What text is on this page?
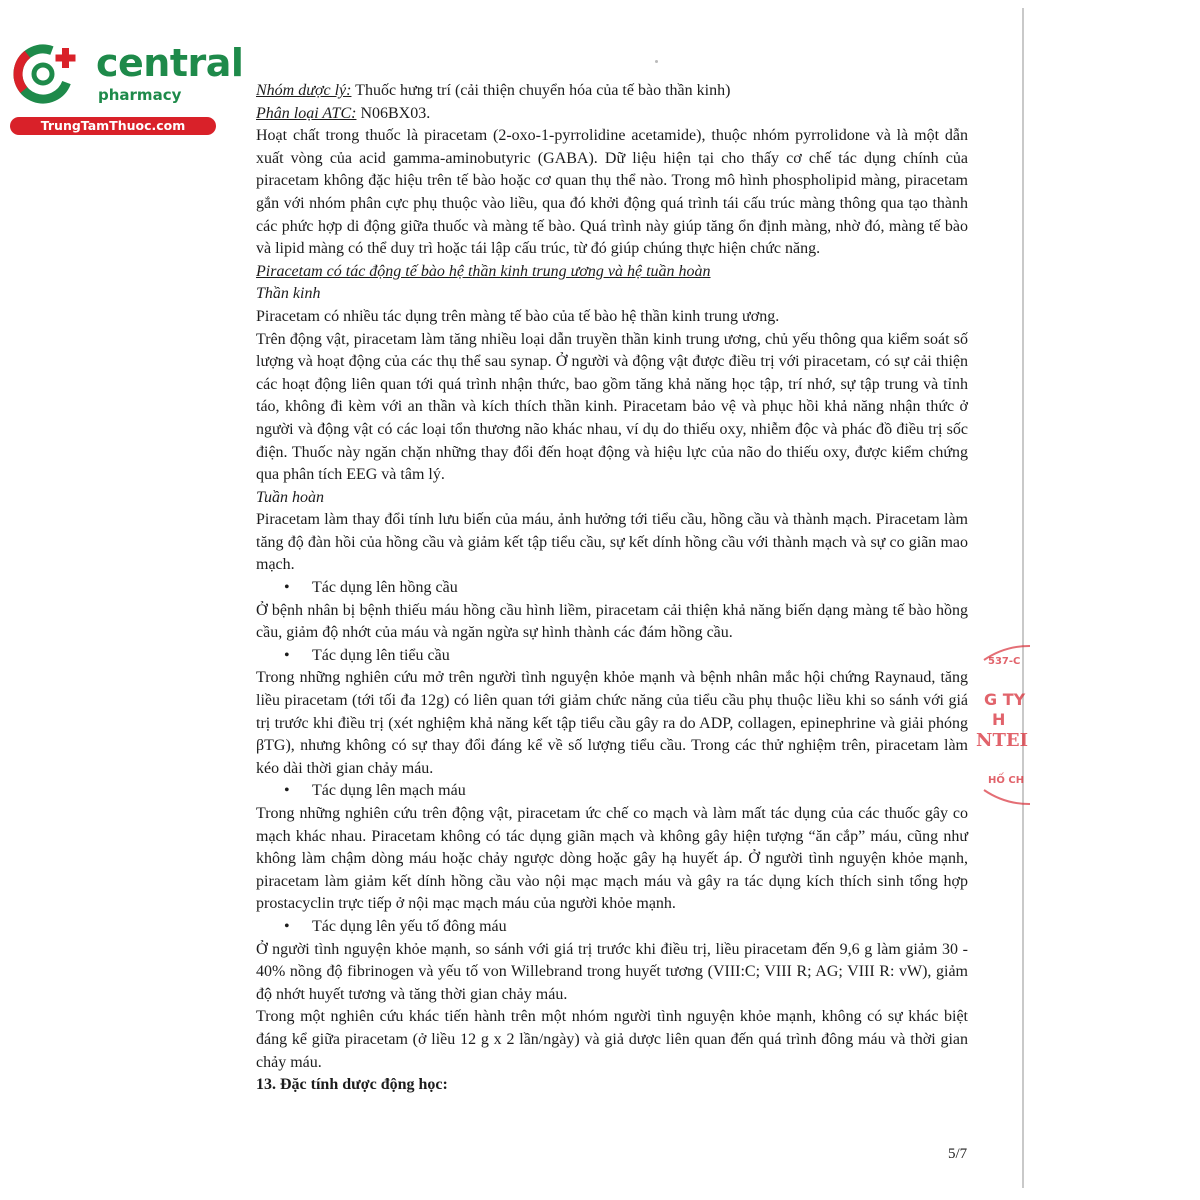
central
pharmacy
TrungTamThuoc.com

Nhóm dược lý: Thuốc hưng trí (cải thiện chuyển hóa của tế bào thần kinh)

Phân loại ATC: N06BX03.

Hoạt chất trong thuốc là piracetam (2-oxo-1-pyrrolidine acetamide), thuộc nhóm pyrrolidone và là một dẫn xuất vòng của acid gamma-aminobutyric (GABA). Dữ liệu hiện tại cho thấy cơ chế tác dụng chính của piracetam không đặc hiệu trên tế bào hoặc cơ quan thụ thể nào. Trong mô hình phospholipid màng, piracetam gắn với nhóm phân cực phụ thuộc vào liều, qua đó khởi động quá trình tái cấu trúc màng thông qua tạo thành các phức hợp di động giữa thuốc và màng tế bào. Quá trình này giúp tăng ổn định màng, nhờ đó, màng tế bào và lipid màng có thể duy trì hoặc tái lập cấu trúc, từ đó giúp chúng thực hiện chức năng.

Piracetam có tác động tế bào hệ thần kinh trung ương và hệ tuần hoàn

Thần kinh

Piracetam có nhiều tác dụng trên màng tế bào của tế bào hệ thần kinh trung ương.

Trên động vật, piracetam làm tăng nhiều loại dẫn truyền thần kinh trung ương, chủ yếu thông qua kiểm soát số lượng và hoạt động của các thụ thể sau synap. Ở người và động vật được điều trị với piracetam, có sự cải thiện các hoạt động liên quan tới quá trình nhận thức, bao gồm tăng khả năng học tập, trí nhớ, sự tập trung và tỉnh táo, không đi kèm với an thần và kích thích thần kinh. Piracetam bảo vệ và phục hồi khả năng nhận thức ở người và động vật có các loại tổn thương não khác nhau, ví dụ do thiếu oxy, nhiễm độc và phác đồ điều trị sốc điện. Thuốc này ngăn chặn những thay đổi đến hoạt động và hiệu lực của não do thiếu oxy, được kiểm chứng qua phân tích EEG và tâm lý.

Tuần hoàn

Piracetam làm thay đổi tính lưu biến của máu, ảnh hưởng tới tiểu cầu, hồng cầu và thành mạch. Piracetam làm tăng độ đàn hồi của hồng cầu và giảm kết tập tiểu cầu, sự kết dính hồng cầu với thành mạch và sự co giãn mao mạch.

• Tác dụng lên hồng cầu

Ở bệnh nhân bị bệnh thiếu máu hồng cầu hình liềm, piracetam cải thiện khả năng biến dạng màng tế bào hồng cầu, giảm độ nhớt của máu và ngăn ngừa sự hình thành các đám hồng cầu.

• Tác dụng lên tiểu cầu

Trong những nghiên cứu mở trên người tình nguyện khỏe mạnh và bệnh nhân mắc hội chứng Raynaud, tăng liều piracetam (tới tối đa 12g) có liên quan tới giảm chức năng của tiểu cầu phụ thuộc liều khi so sánh với giá trị trước khi điều trị (xét nghiệm khả năng kết tập tiểu cầu gây ra do ADP, collagen, epinephrine và giải phóng βTG), nhưng không có sự thay đổi đáng kể về số lượng tiểu cầu. Trong các thử nghiệm trên, piracetam làm kéo dài thời gian chảy máu.

• Tác dụng lên mạch máu

Trong những nghiên cứu trên động vật, piracetam ức chế co mạch và làm mất tác dụng của các thuốc gây co mạch khác nhau. Piracetam không có tác dụng giãn mạch và không gây hiện tượng “ăn cắp” máu, cũng như không làm chậm dòng máu hoặc chảy ngược dòng hoặc gây hạ huyết áp. Ở người tình nguyện khỏe mạnh, piracetam làm giảm kết dính hồng cầu vào nội mạc mạch máu và gây ra tác dụng kích thích sinh tổng hợp prostacyclin trực tiếp ở nội mạc mạch máu của người khỏe mạnh.

• Tác dụng lên yếu tố đông máu

Ở người tình nguyện khỏe mạnh, so sánh với giá trị trước khi điều trị, liều piracetam đến 9,6 g làm giảm 30 - 40% nồng độ fibrinogen và yếu tố von Willebrand trong huyết tương (VIII:C; VIII R; AG; VIII R: vW), giảm độ nhớt huyết tương và tăng thời gian chảy máu.

Trong một nghiên cứu khác tiến hành trên một nhóm người tình nguyện khỏe mạnh, không có sự khác biệt đáng kể giữa piracetam (ở liều 12 g x 2 lần/ngày) và giả dược liên quan đến quá trình đông máu và thời gian chảy máu.

13. Đặc tính dược động học:

5/7
537-C
G TY
H
NTEI
HỐ CH
